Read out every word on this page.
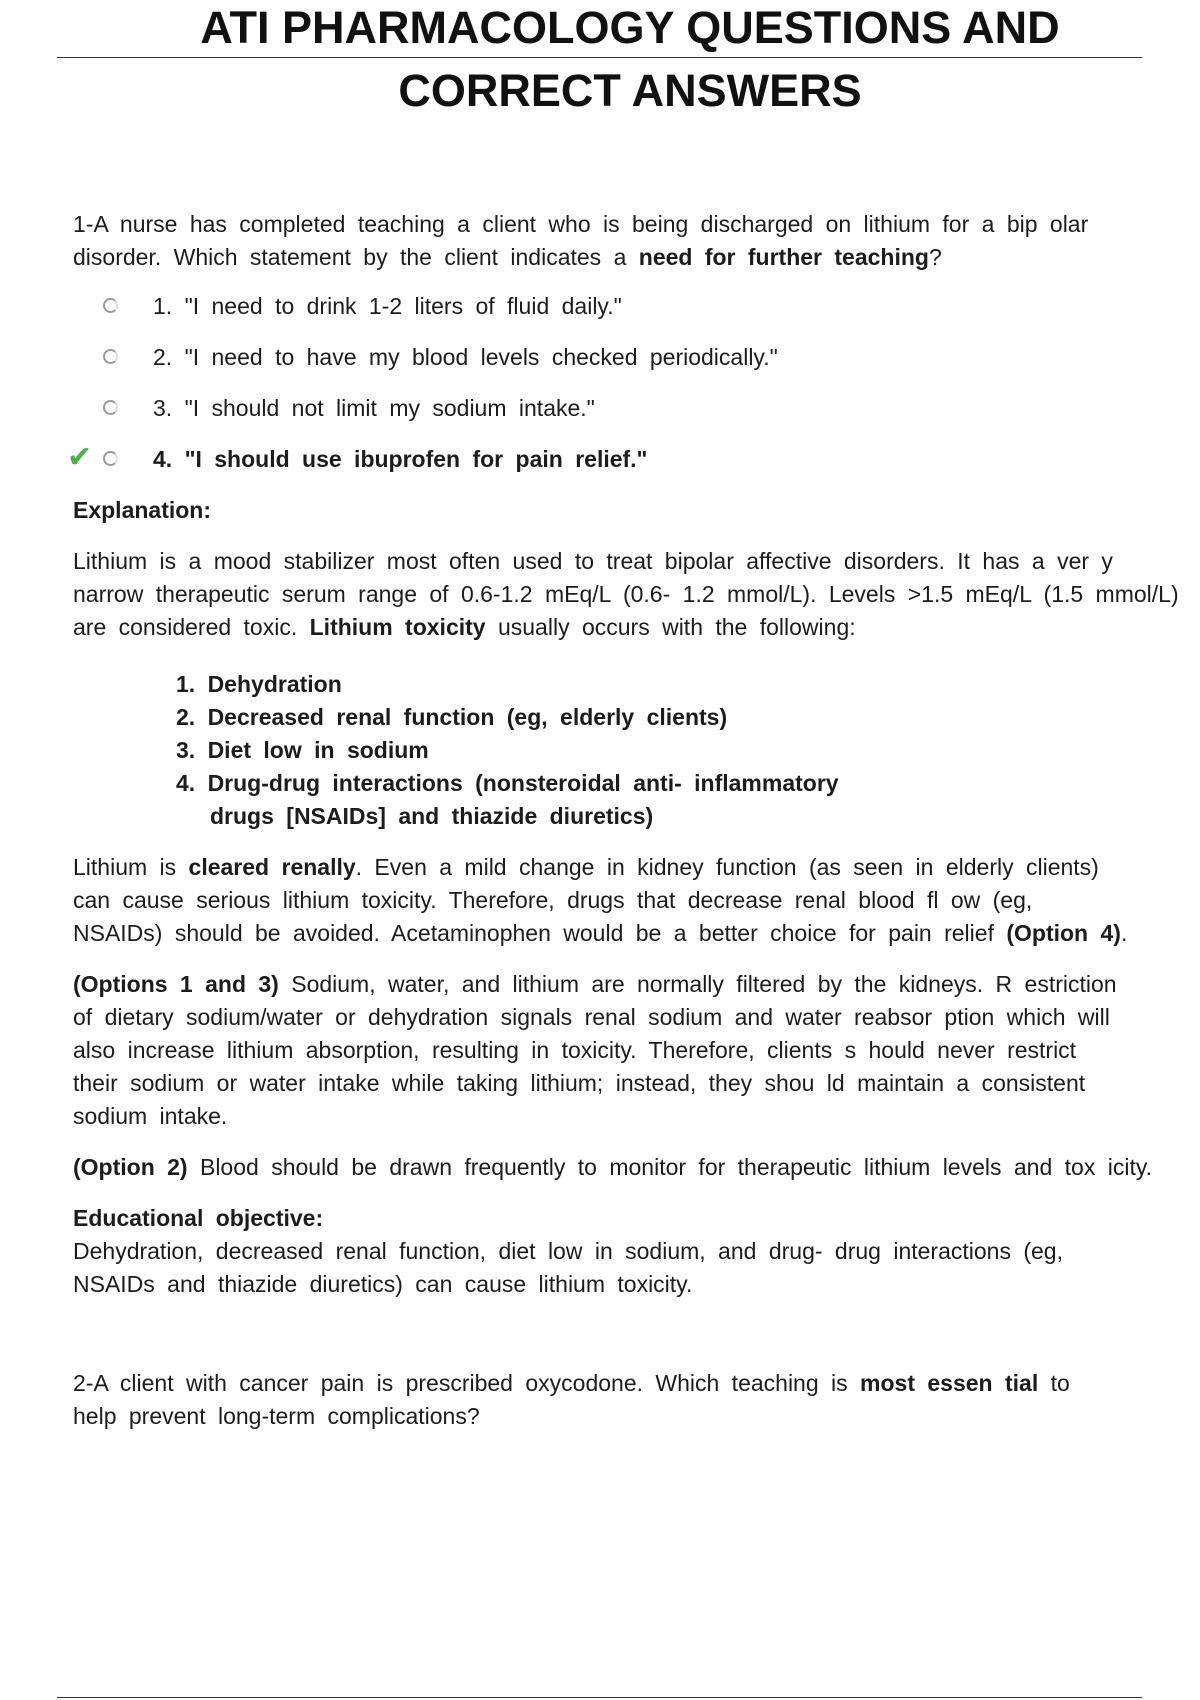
ATI PHARMACOLOGY QUESTIONS AND
CORRECT ANSWERS

1-A nurse has completed teaching a client who is being discharged on lithium for a bip olar disorder. Which statement by the client indicates a need for further teaching?

1. "I need to drink 1-2 liters of fluid daily."
2. "I need to have my blood levels checked periodically."
3. "I should not limit my sodium intake."
✔	4. "I should use ibuprofen for pain relief."

Explanation:

Lithium is a mood stabilizer most often used to treat bipolar affective disorders. It has a ver y narrow therapeutic serum range of 0.6-1.2 mEq/L (0.6- 1.2 mmol/L). Levels >1.5 mEq/L (1.5 mmol/L) are considered toxic. Lithium toxicity usually occurs with the following:

1. Dehydration
2. Decreased renal function (eg, elderly clients)
3. Diet low in sodium
4. Drug-drug interactions (nonsteroidal anti- inflammatory drugs [NSAIDs] and thiazide diuretics)

Lithium is cleared renally. Even a mild change in kidney function (as seen in elderly clients) can cause serious lithium toxicity. Therefore, drugs that decrease renal blood fl ow (eg, NSAIDs) should be avoided. Acetaminophen would be a better choice for pain relief (Option 4).

(Options 1 and 3) Sodium, water, and lithium are normally filtered by the kidneys. R estriction of dietary sodium/water or dehydration signals renal sodium and water reabsor ption which will also increase lithium absorption, resulting in toxicity. Therefore, clients s hould never restrict their sodium or water intake while taking lithium; instead, they shou ld maintain a consistent sodium intake.

(Option 2) Blood should be drawn frequently to monitor for therapeutic lithium levels and tox icity.

Educational objective:

Dehydration, decreased renal function, diet low in sodium, and drug- drug interactions (eg, NSAIDs and thiazide diuretics) can cause lithium toxicity.

2-A client with cancer pain is prescribed oxycodone. Which teaching is most essen tial to help prevent long-term complications?
